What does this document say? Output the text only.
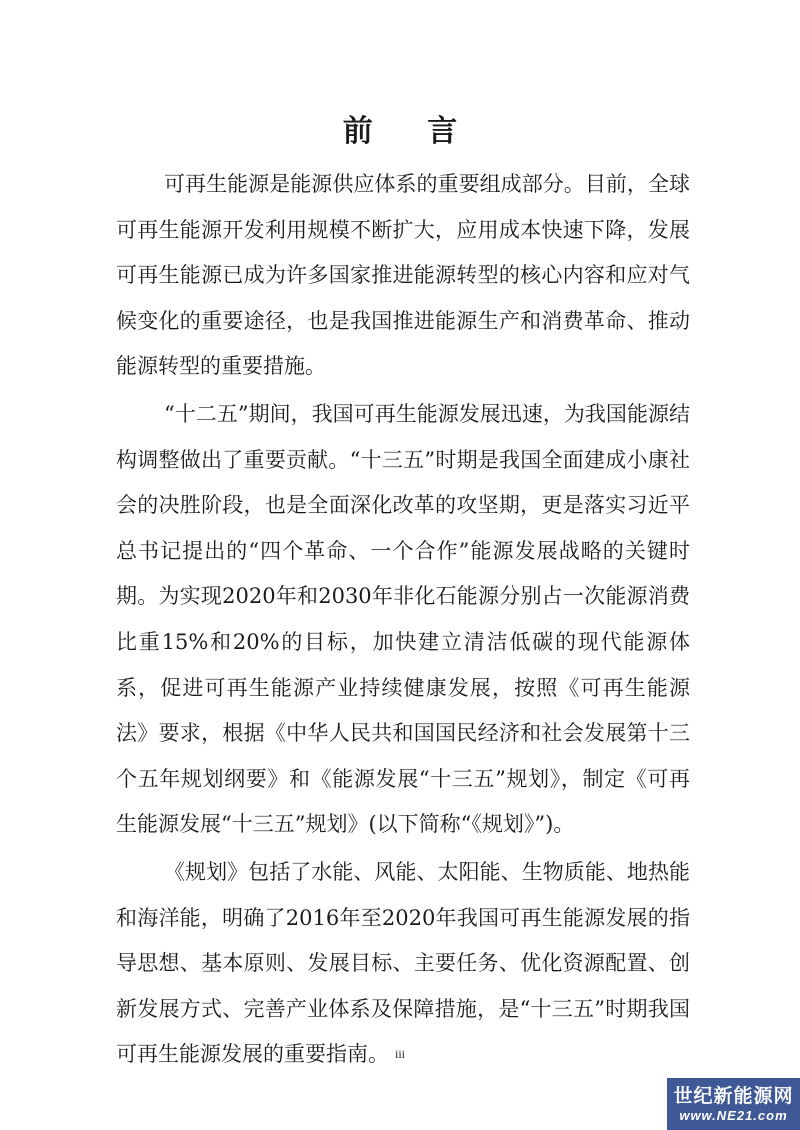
前 言

可再生能源是能源供应体系的重要组成部分。目前，全球可再生能源开发利用规模不断扩大，应用成本快速下降，发展可再生能源已成为许多国家推进能源转型的核心内容和应对气候变化的重要途径，也是我国推进能源生产和消费革命、推动能源转型的重要措施。

“十二五”期间，我国可再生能源发展迅速，为我国能源结构调整做出了重要贡献。“十三五”时期是我国全面建成小康社会的决胜阶段，也是全面深化改革的攻坚期，更是落实习近平总书记提出的“四个革命、一个合作”能源发展战略的关键时期。为实现2020年和2030年非化石能源分别占一次能源消费比重15%和20%的目标，加快建立清洁低碳的现代能源体系，促进可再生能源产业持续健康发展，按照《可再生能源法》要求，根据《中华人民共和国国民经济和社会发展第十三个五年规划纲要》和《能源发展“十三五”规划》，制定《可再生能源发展“十三五”规划》(以下简称“《规划》”)。

《规划》包括了水能、风能、太阳能、生物质能、地热能和海洋能，明确了2016年至2020年我国可再生能源发展的指导思想、基本原则、发展目标、主要任务、优化资源配置、创新发展方式、完善产业体系及保障措施，是“十三五”时期我国可再生能源发展的重要指南。 iii
世纪新能源网
www.NE21.com
